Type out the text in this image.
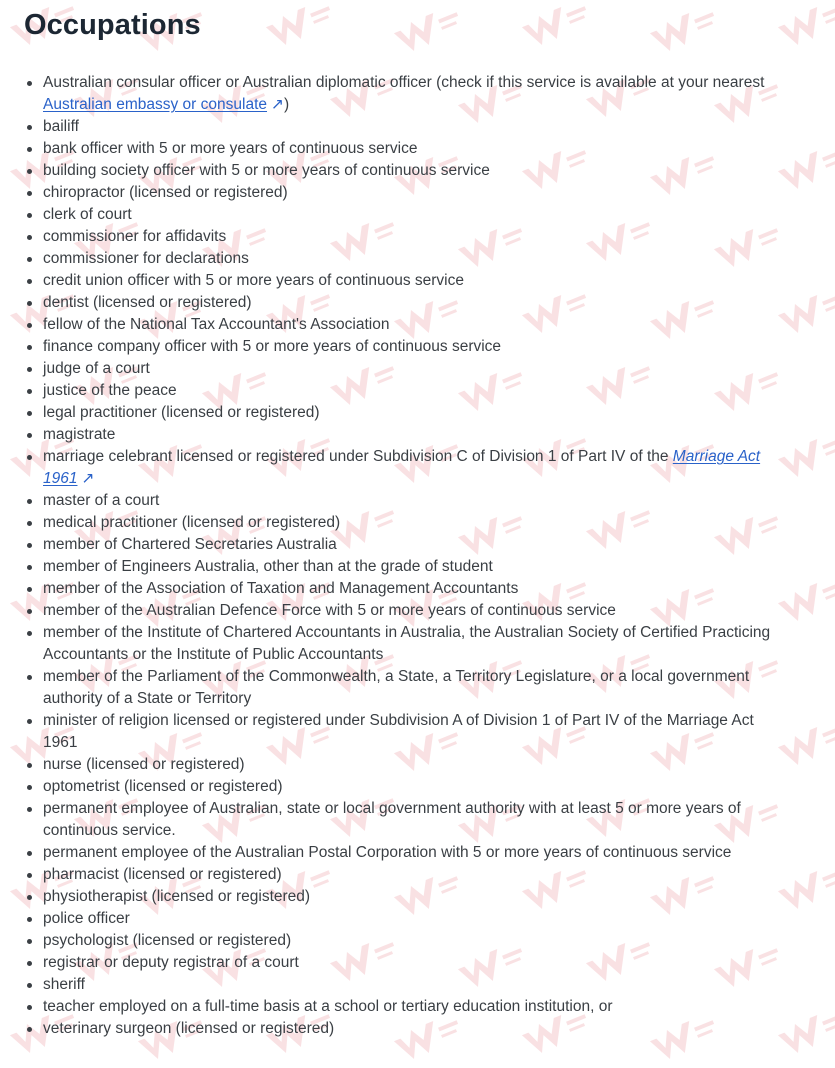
Occupations
Australian consular officer or Australian diplomatic officer (check if this service is available at your nearest Australian embassy or consulate ↗)
bailiff
bank officer with 5 or more years of continuous service
building society officer with 5 or more years of continuous service
chiropractor (licensed or registered)
clerk of court
commissioner for affidavits
commissioner for declarations
credit union officer with 5 or more years of continuous service
dentist (licensed or registered)
fellow of the National Tax Accountant's Association
finance company officer with 5 or more years of continuous service
judge of a court
justice of the peace
legal practitioner (licensed or registered)
magistrate
marriage celebrant licensed or registered under Subdivision C of Division 1 of Part IV of the Marriage Act 1961 ↗
master of a court
medical practitioner (licensed or registered)
member of Chartered Secretaries Australia
member of Engineers Australia, other than at the grade of student
member of the Association of Taxation and Management Accountants
member of the Australian Defence Force with 5 or more years of continuous service
member of the Institute of Chartered Accountants in Australia, the Australian Society of Certified Practicing Accountants or the Institute of Public Accountants
member of the Parliament of the Commonwealth, a State, a Territory Legislature, or a local government authority of a State or Territory
minister of religion licensed or registered under Subdivision A of Division 1 of Part IV of the Marriage Act 1961
nurse (licensed or registered)
optometrist (licensed or registered)
permanent employee of Australian, state or local government authority with at least 5 or more years of continuous service.
permanent employee of the Australian Postal Corporation with 5 or more years of continuous service
pharmacist (licensed or registered)
physiotherapist (licensed or registered)
police officer
psychologist (licensed or registered)
registrar or deputy registrar of a court
sheriff
teacher employed on a full-time basis at a school or tertiary education institution, or
veterinary surgeon (licensed or registered)
